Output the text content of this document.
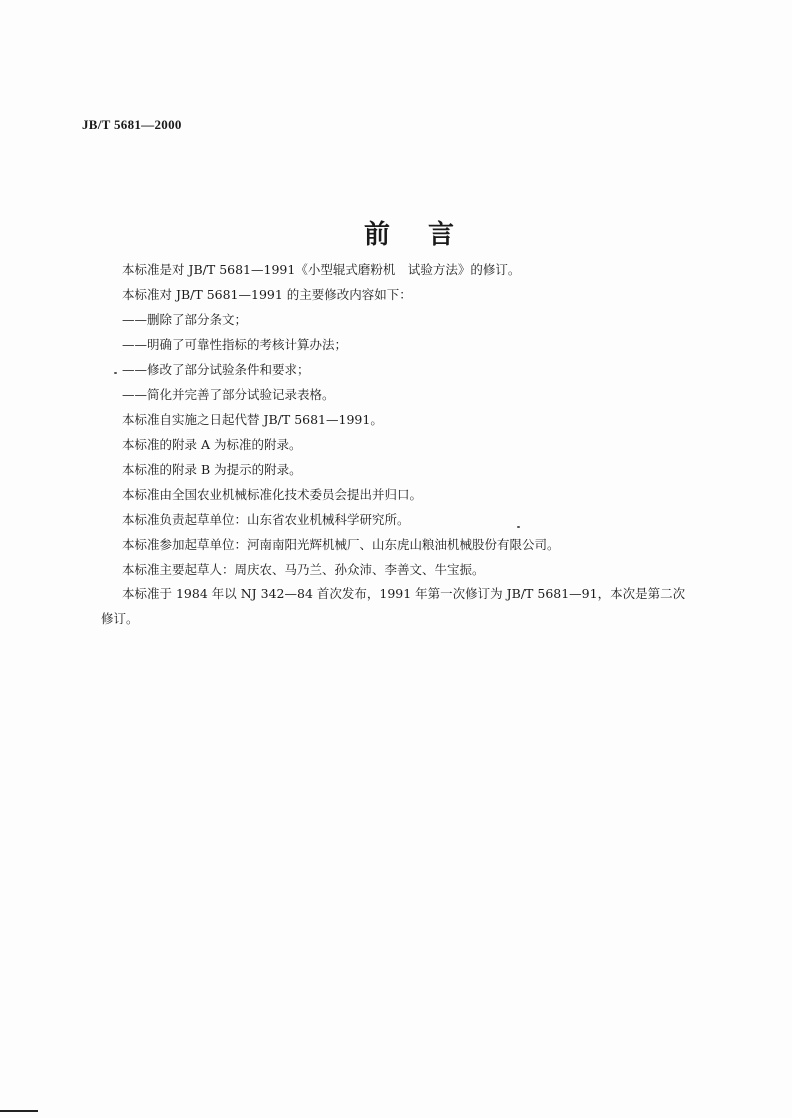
JB/T 5681—2000
前言
本标准是对 JB/T 5681—1991《小型辊式磨粉机　试验方法》的修订。
本标准对 JB/T 5681—1991 的主要修改内容如下：
——删除了部分条文；
——明确了可靠性指标的考核计算办法；
——修改了部分试验条件和要求；
——简化并完善了部分试验记录表格。
本标准自实施之日起代替 JB/T 5681—1991。
本标准的附录 A 为标准的附录。
本标准的附录 B 为提示的附录。
本标准由全国农业机械标准化技术委员会提出并归口。
本标准负责起草单位：山东省农业机械科学研究所。
本标准参加起草单位：河南南阳光辉机械厂、山东虎山粮油机械股份有限公司。
本标准主要起草人：周庆农、马乃兰、孙众沛、李善文、牛宝振。
本标准于 1984 年以 NJ 342—84 首次发布，1991 年第一次修订为 JB/T 5681—91，本次是第二次
修订。
